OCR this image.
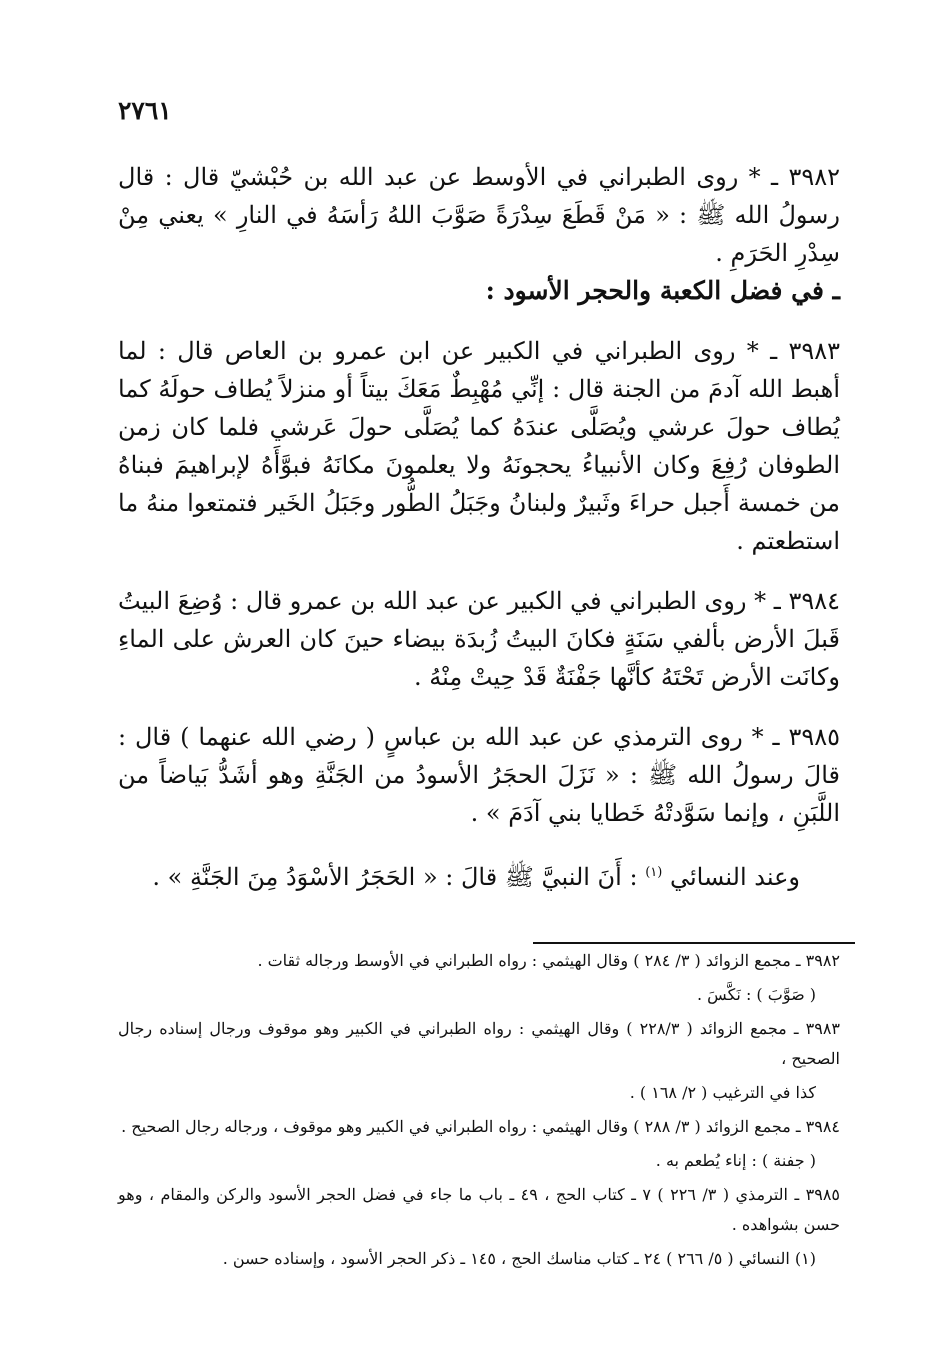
٢٧٦١

٣٩٨٢ ـ * روى الطبراني في الأوسط عن عبد الله بن حُبْشيّ قال : قال رسولُ الله ﷺ : « مَنْ قَطَعَ سِدْرَةً صَوَّبَ اللهُ رَأسَهُ في النارِ » يعني مِنْ سِدْرِ الحَرَمِ .

ـ في فضل الكعبة والحجر الأسود :

٣٩٨٣ ـ * روى الطبراني في الكبير عن ابن عمرو بن العاص قال : لما أهبط الله آدمَ من الجنة قال : إنِّي مُهْبِطٌ مَعَكَ بيتاً أو منزلاً يُطاف حولَهُ كما يُطاف حولَ عرشي ويُصَلَّى عندَهُ كما يُصَلَّى حولَ عَرشي فلما كان زمن الطوفان رُفِعَ وكان الأنبياءُ يحجونَهُ ولا يعلمونَ مكانَهُ فبوَّأَهُ لإبراهيمَ فبناهُ من خمسة أَجبل حراءَ وثَبيرٌ ولبنانُ وجَبَلُ الطُّور وجَبَلُ الخَير فتمتعوا منهُ ما استطعتم .

٣٩٨٤ ـ * روى الطبراني في الكبير عن عبد الله بن عمرو قال : وُضِعَ البيتُ قَبلَ الأرض بألفي سَنَةٍ فكانَ البيتُ زُبدَة بيضاء حينَ كان العرش على الماءِ وكانَت الأرض تَحْتَهُ كأنَّها جَفْنَةٌ قَدْ حِيتْ مِنْهُ .

٣٩٨٥ ـ * روى الترمذي عن عبد الله بن عباسٍ ( رضي الله عنهما ) قال : قالَ رسولُ الله ﷺ : « نَزَلَ الحجَرُ الأسودُ من الجَنَّةِ وهو أشَدُّ بَياضاً من اللَّبَنِ ، وإنما سَوَّدتْهُ خَطايا بني آدَمَ » .

وعند النسائي $^{(١)}$ : أَنَ النبيَّ ﷺ قالَ : « الحَجَرُ الأسْوَدُ مِنَ الجَنَّةِ » .

٣٩٨٢ ـ مجمع الزوائد ( ٣/ ٢٨٤ ) وقال الهيثمي : رواه الطبراني في الأوسط ورجاله ثقات .

( صَوَّبَ ) : نَكَّسَ .

٣٩٨٣ ـ مجمع الزوائد ( ٢٢٨/٣ ) وقال الهيثمي : رواه الطبراني في الكبير وهو موقوف ورجال إسناده رجال الصحيح ،

كذا في الترغيب ( ٢/ ١٦٨ ) .

٣٩٨٤ ـ مجمع الزوائد ( ٣/ ٢٨٨ ) وقال الهيثمي : رواه الطبراني في الكبير وهو موقوف ، ورجاله رجال الصحيح .

( جفنة ) : إناء يُطعم به .

٣٩٨٥ ـ الترمذي ( ٣/ ٢٢٦ ) ٧ ـ كتاب الحج ، ٤٩ ـ باب ما جاء في فضل الحجر الأسود والركن والمقام ، وهو حسن بشواهده .

(١) النسائي ( ٥/ ٢٦٦ ) ٢٤ ـ كتاب مناسك الحج ، ١٤٥ ـ ذكر الحجر الأسود ، وإسناده حسن .
